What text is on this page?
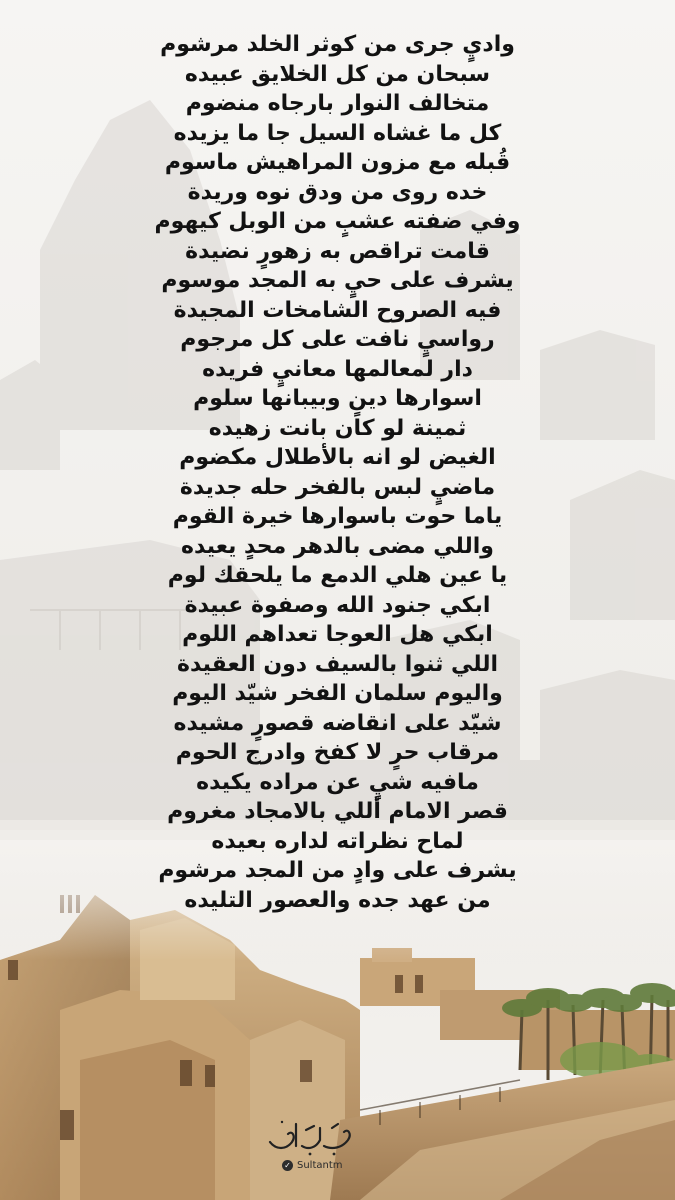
واديٍ جرى من كوثر الخلد مرشوم
سبحان من كل الخلايق عبيده
متخالف النوار بارجاه منضوم
كل ما غشاه السيل جا ما يزيده
قُبله مع مزون المراهيش ماسوم
خده روى من ودق نوه وريدة
وفي ضفته عشبٍ من الوبل كيهوم
قامت تراقص به زهورٍ نضيدة
يشرف على حيٍ به المجد موسوم
فيه الصروح الشامخات المجيدة
رواسيٍ نافت على كل مرجوم
دار لمعالمها معانيٍ فريده
اسوارها دينٍ وبيبانها سلوم
ثمينة لو كان بانت زهيده
الغيض لو انه بالأطلال مكضوم
ماضيٍ لبس بالفخر حله جديدة
ياما حوت باسوارها خيرة القوم
واللي مضى بالدهر محدٍ يعيده
يا عين هلي الدمع ما يلحقك لوم
ابكي جنود الله وصفوة عبيدة
ابكي هل العوجا تعداهم اللوم
اللي ثنوا بالسيف دون العقيدة
واليوم سلمان الفخر شيّد اليوم
شيّد على انقاضه قصورٍ مشيده
مرقاب حرٍ لا كفخ وادرج الحوم
مافيه شيٍ عن مراده يكيده
قصر الامام أللي بالامجاد مغروم
لماح نظراته لداره بعيده
يشرف على وادٍ من المجد مرشوم
من عهد جده والعصور التليده
✓ Sultantm
